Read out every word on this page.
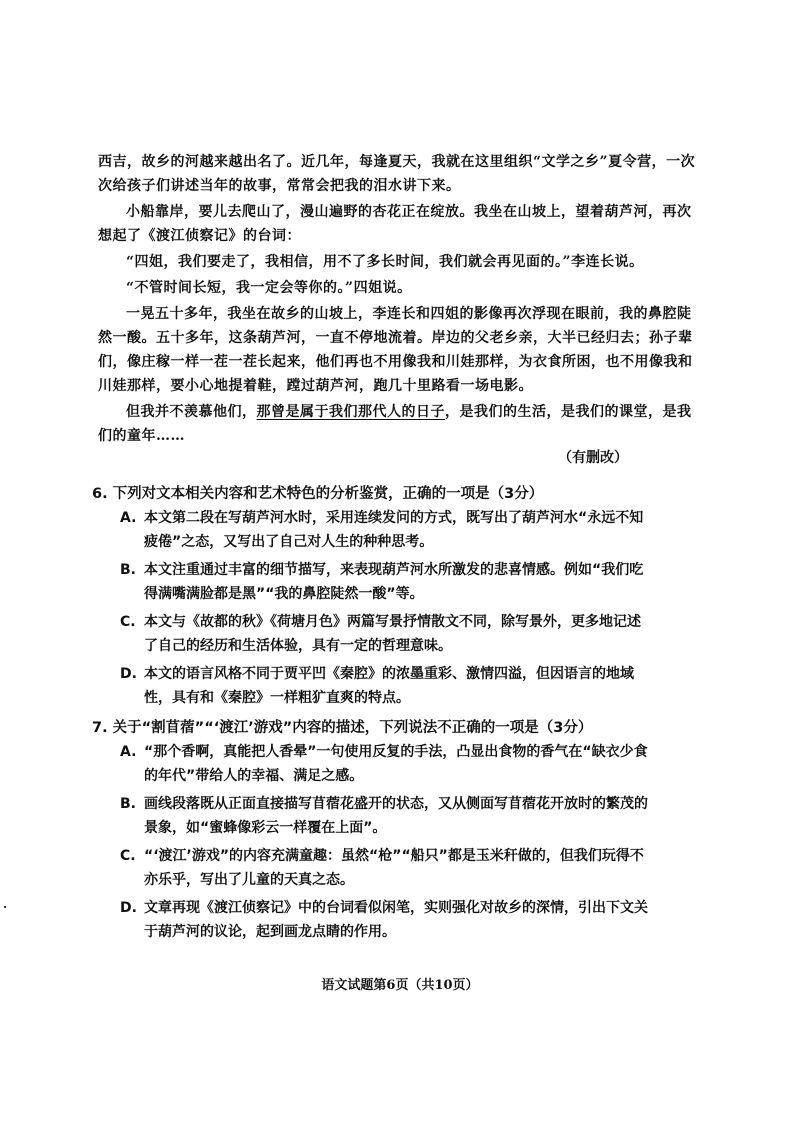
西吉，故乡的河越来越出名了。近几年，每逢夏天，我就在这里组织“文学之乡”夏令营，一次次给孩子们讲述当年的故事，常常会把我的泪水讲下来。

小船靠岸，要儿去爬山了，漫山遍野的杏花正在绽放。我坐在山坡上，望着葫芦河，再次想起了《渡江侦察记》的台词：

“四姐，我们要走了，我相信，用不了多长时间，我们就会再见面的。”李连长说。

“不管时间长短，我一定会等你的。”四姐说。

一晃五十多年，我坐在故乡的山坡上，李连长和四姐的影像再次浮现在眼前，我的鼻腔陡然一酸。五十多年，这条葫芦河，一直不停地流着。岸边的父老乡亲，大半已经归去；孙子辈们，像庄稼一样一茬一茬长起来，他们再也不用像我和川娃那样，为衣食所困，也不用像我和川娃那样，要小心地提着鞋，蹚过葫芦河，跑几十里路看一场电影。

但我并不羡慕他们，那曾是属于我们那代人的日子，是我们的生活，是我们的课堂，是我们的童年……

（有删改）
6. 下列对文本相关内容和艺术特色的分析鉴赏，正确的一项是（3分）
A. 本文第二段在写葫芦河水时，采用连续发问的方式，既写出了葫芦河水“永远不知疲倦”之态，又写出了自己对人生的种种思考。
B. 本文注重通过丰富的细节描写，来表现葫芦河水所激发的悲喜情感。例如“我们吃得满嘴满脸都是黑”“我的鼻腔陡然一酸”等。
C. 本文与《故都的秋》《荷塘月色》两篇写景抒情散文不同，除写景外，更多地记述了自己的经历和生活体验，具有一定的哲理意味。
D. 本文的语言风格不同于贾平凹《秦腔》的浓墨重彩、激情四溢，但因语言的地域性，具有和《秦腔》一样粗犷直爽的特点。
7. 关于“割苜蓿”“‘渡江’游戏”内容的描述，下列说法不正确的一项是（3分）
A. “那个香啊，真能把人香晕”一句使用反复的手法，凸显出食物的香气在“缺衣少食的年代”带给人的幸福、满足之感。
B. 画线段落既从正面直接描写苜蓿花盛开的状态，又从侧面写苜蓿花开放时的繁茂的景象，如“蜜蜂像彩云一样覆在上面”。
C. “‘渡江’游戏”的内容充满童趣：虽然“枪”“船只”都是玉米秆做的，但我们玩得不亦乐乎，写出了儿童的天真之态。
D. 文章再现《渡江侦察记》中的台词看似闲笔，实则强化对故乡的深情，引出下文关于葫芦河的议论，起到画龙点睛的作用。
语文试题第6页（共10页）
